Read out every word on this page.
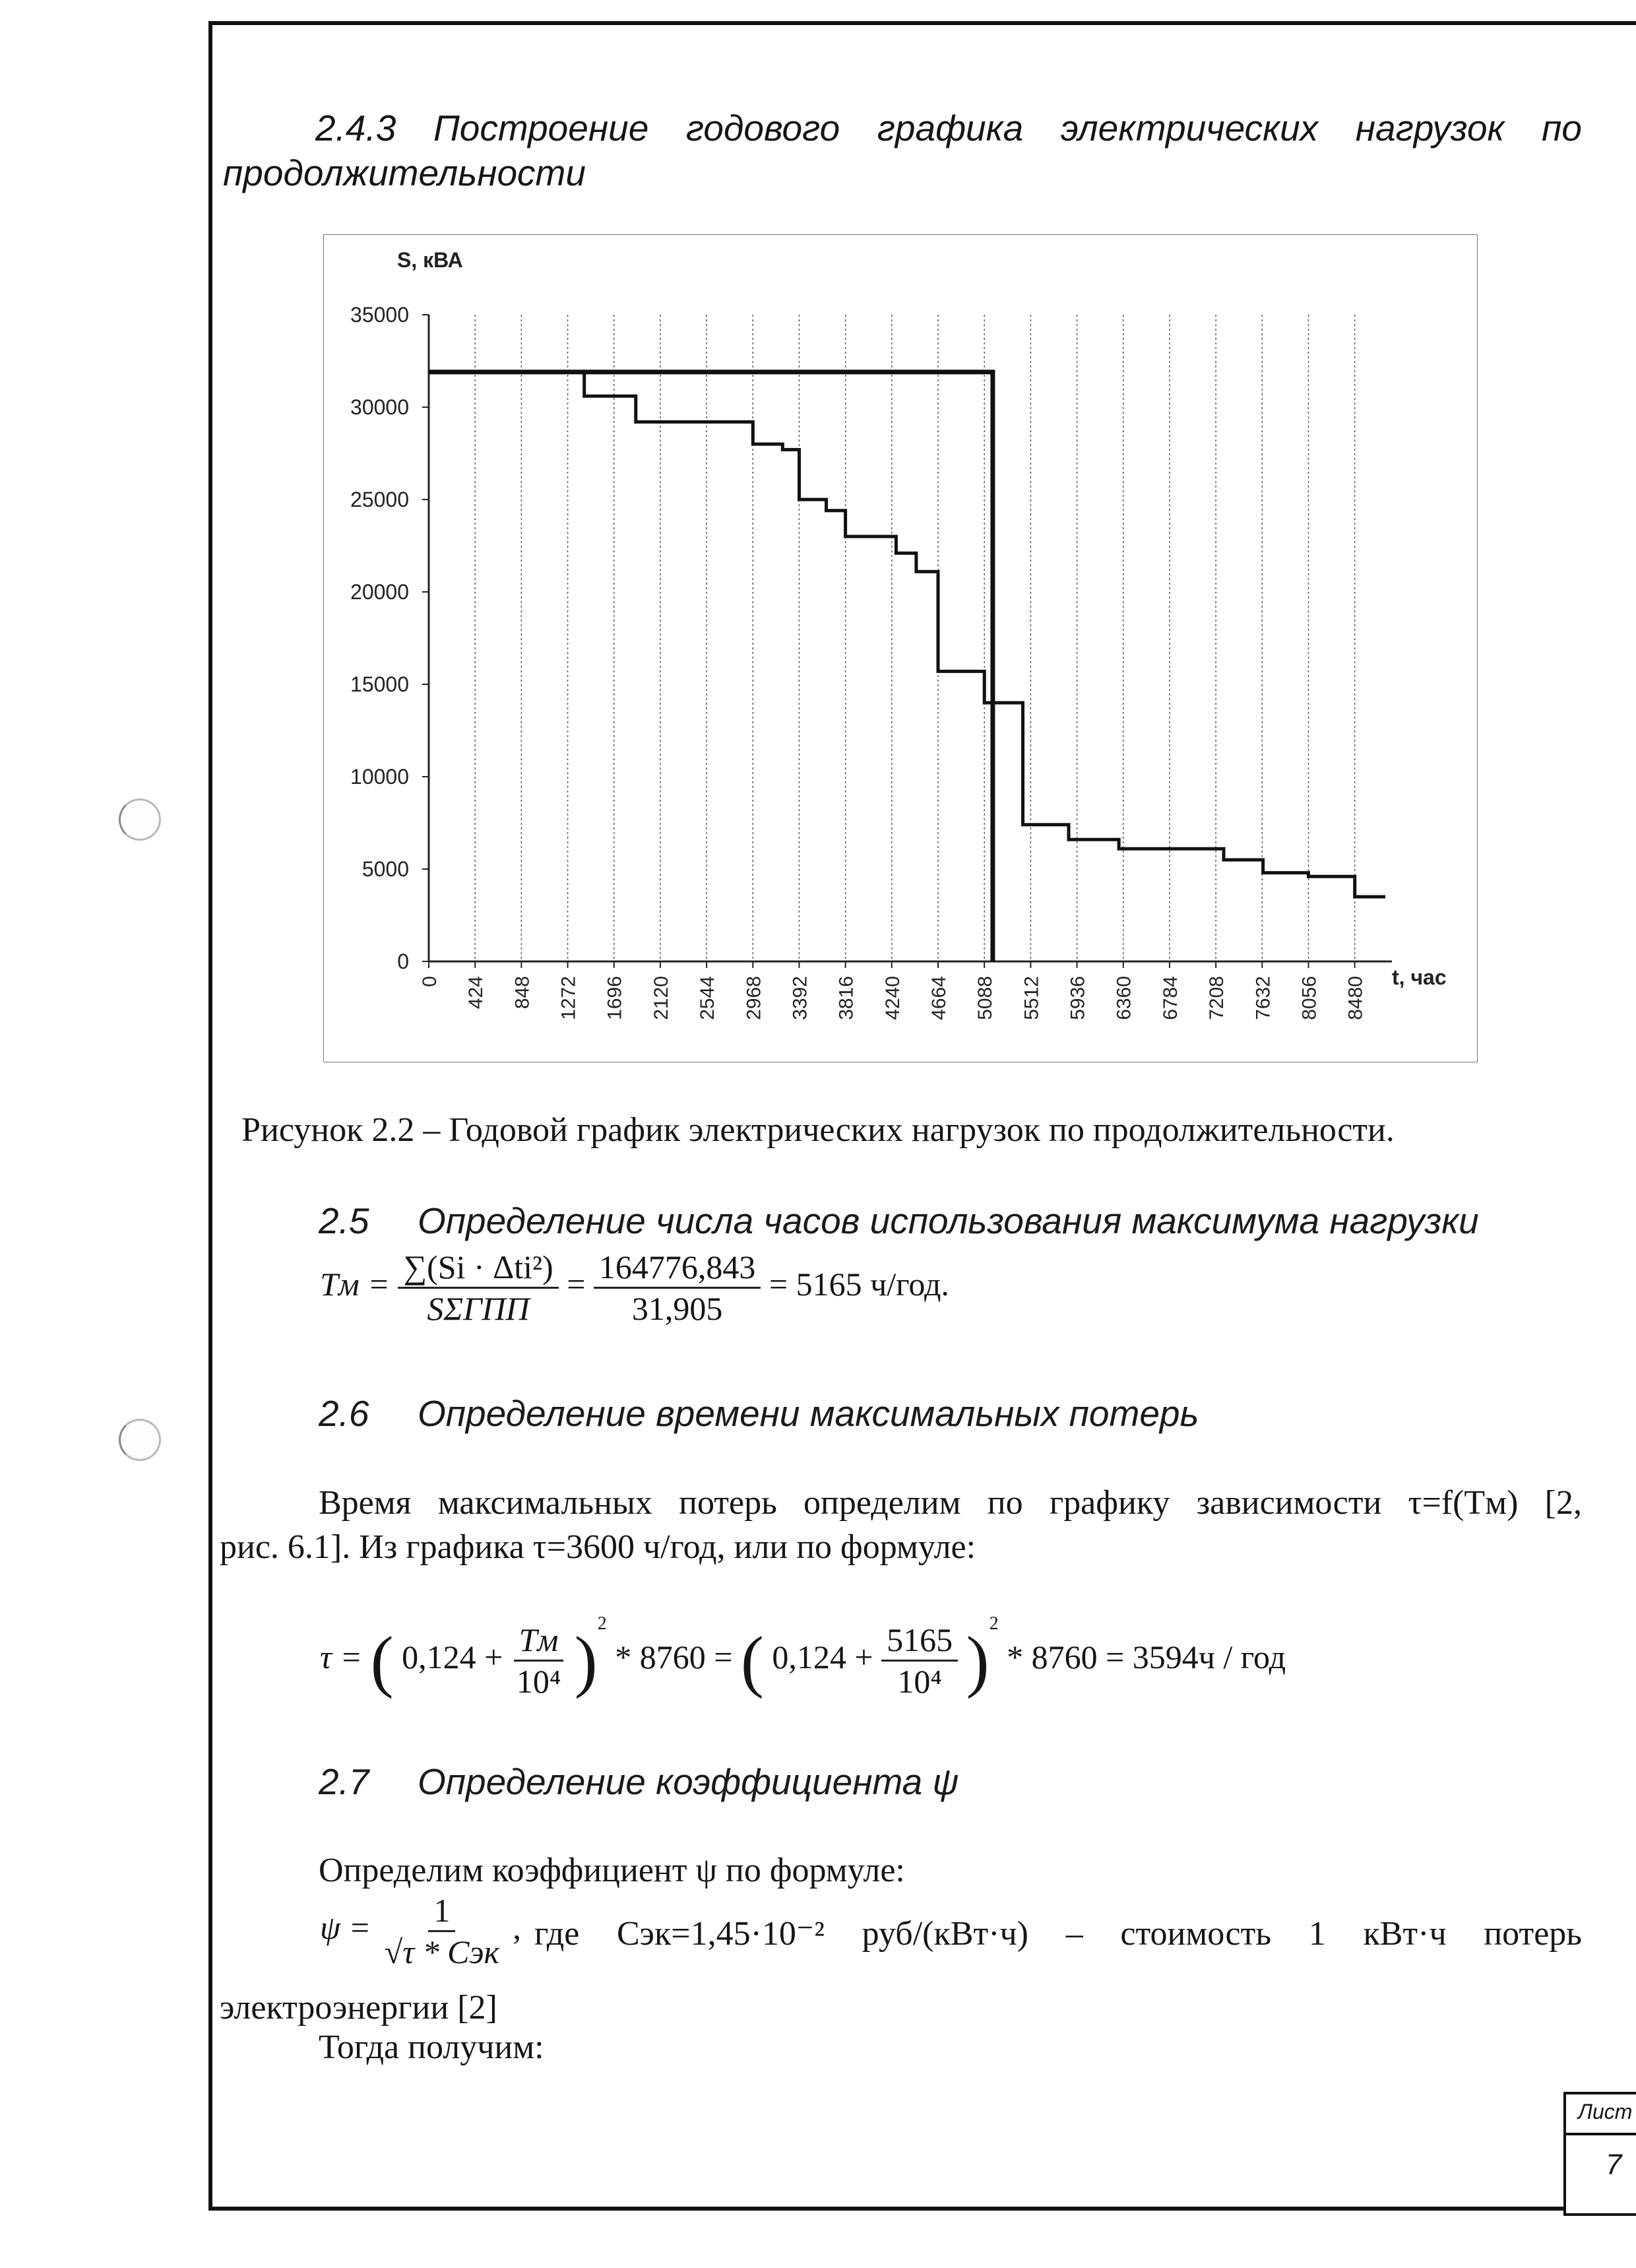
2.4.3 Построение годового графика электрических нагрузок по продолжительности
0 424 848 1272 1696 2120 2544 2968 3392 3816 4240 4664 5088 5512 5936 6360 6784 7208 7632 8056 8480
35000
30000
25000
20000
15000
10000
5000
0
S, кВА
t, час
Рисунок 2.2 – Годовой график электрических нагрузок по продолжительности.
2.5 Определение числа часов использования максимума нагрузки
Tм = $\frac{\text{∑(Si · Δti²)}}{\text{SΣГПП}} = \frac{164776,843}{31,905} = 5165$ ч/год.
2.6 Определение времени максимальных потерь
Время максимальных потерь определим по графику зависимости τ=f(Tм) [2,
рис. 6.1]. Из графика τ=3600 ч/год, или по формуле:
τ = ( $0,124 + \frac{Tм}{\text{10⁴}} )^2 * 8760$ = ( $0,124 + \frac{5165}{\text{10⁴}} )^2 * 8760 = 3594ч$ / год
2.7 Определение коэффициента ψ
Определим коэффициент ψ по формуле:
$\psi = \frac{1}{\text{√τ * Cэк}}$ , где Cэк=1,45·10⁻² руб/(кВт·ч) – стоимость 1 кВт·ч потерь
электроэнергии [2]
Тогда получим:
Лист
7
